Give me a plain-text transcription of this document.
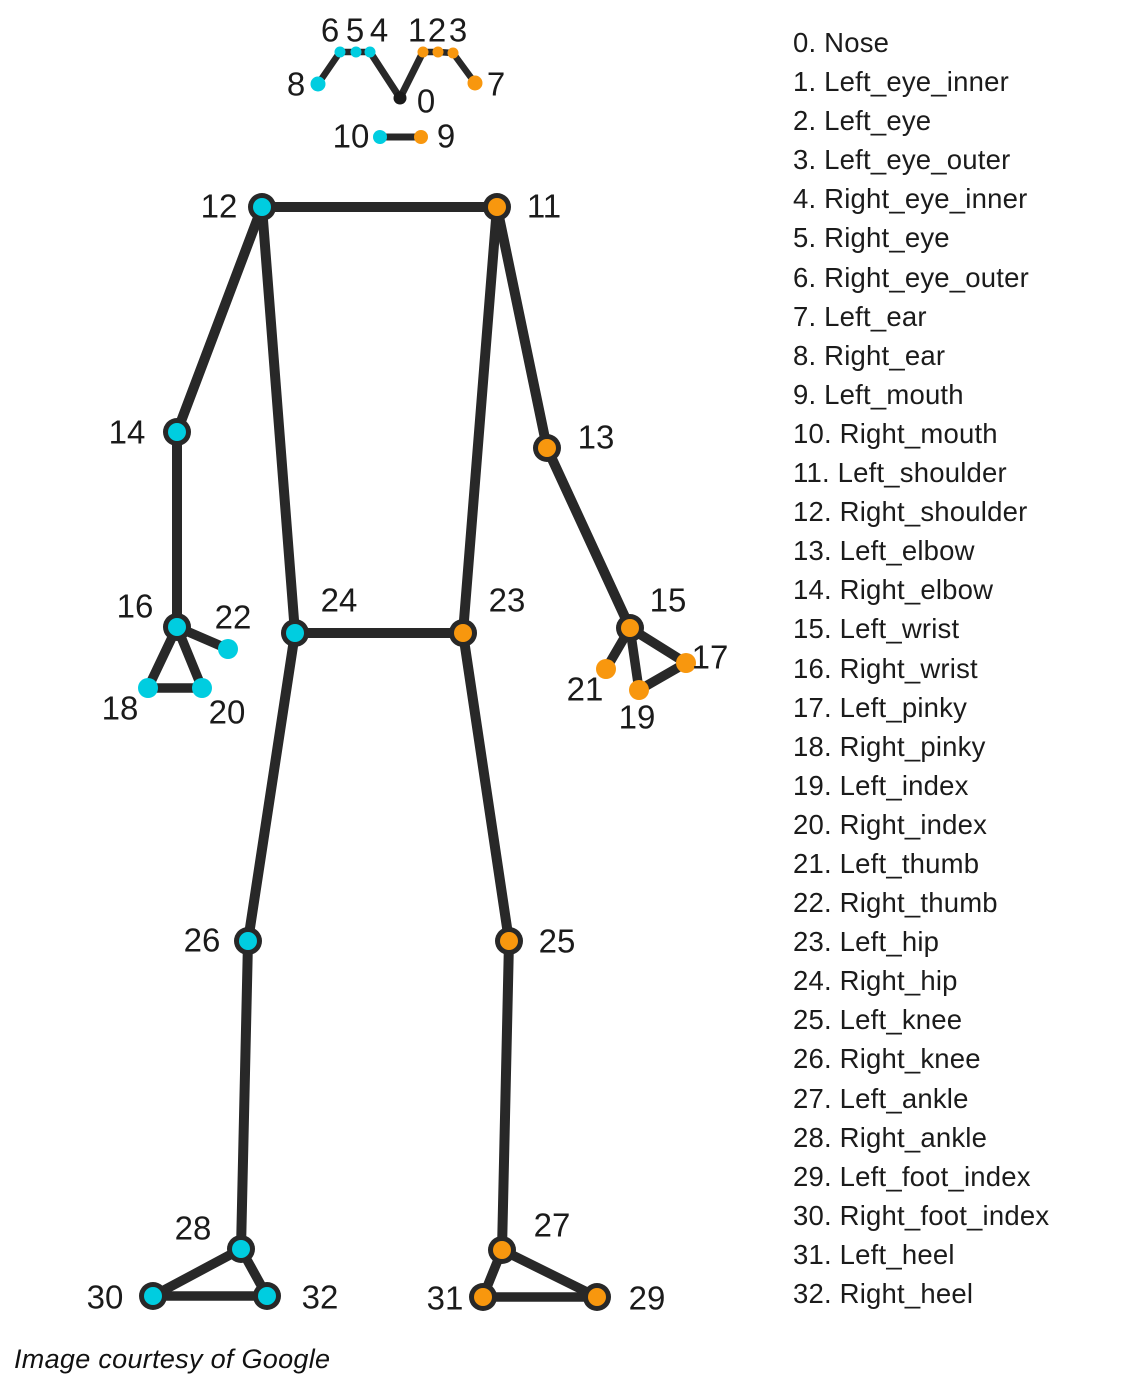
0
1 2 3
4
5
6
7
8
9
10
11
12
13
14
15
16
17
18	19
20
21
22	23
24
25
26
27
28
29
30	31
32
0. Nose
1. Left_eye_inner
2. Left_eye
3. Left_eye_outer
4. Right_eye_inner
5. Right_eye
6. Right_eye_outer
7. Left_ear
8. Right_ear
9. Left_mouth
10. Right_mouth
11. Left_shoulder
12. Right_shoulder
13. Left_elbow
14. Right_elbow
15. Left_wrist
16. Right_wrist
17. Left_pinky
18. Right_pinky
19. Left_index
20. Right_index
21. Left_thumb
22. Right_thumb
23. Left_hip
24. Right_hip
25. Left_knee
26. Right_knee
27. Left_ankle
28. Right_ankle
29. Left_foot_index
30. Right_foot_index
31. Left_heel
32. Right_heel
Image courtesy of Google
